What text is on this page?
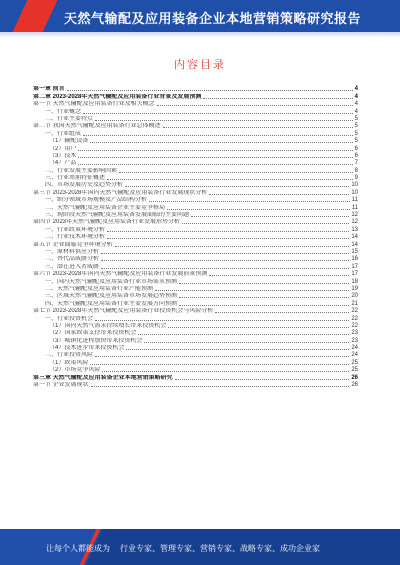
天然气输配及应用装备企业本地营销策略研究报告
内容目录
第一章 前言	4
第二章 2023-2028年天然气输配及应用装备行业背景及发展预测	4
第一节 天然气输配及应用装备行业及相关概念	4
一、行业概念	4
二、行业主要特点	5
第二节 我国天然气输配及应用装备行业总体概述	5
一、行业组成	5
（1）输配设备	5
（2）用户	6
（3）技术	6
（4）产品	7
二、行业发展主要影响因素	8
三、行业周期特征概述	9
四、市场发展历史及趋势分析	10
第三节 2023-2028年国内天然气输配及应用装备行业发展现状分析	10
一、细分领域市场规模及产品结构分析	11
二、天然气输配及应用装备企业主要竞争格局	11
三、现阶段天然气输配及应用装备发展面临的主要问题	12
第四节 2023年天然气输配及应用装备行业发展形势分析	12
一、行业政策环境分析	13
二、行业技术环境分析	14
第五节 企业面临竞争环境分析	14
一、原材料供应分析	15
二、替代品威胁分析	16
三、潜在进入者威胁	17
第六节 2023-2028年国内天然气输配及应用装备行业发展前景预测	17
一、国内天然气输配及应用装备行业市场需求预测	18
二、天然气输配及应用装备行业产能预测	19
三、区域天然气输配及应用装备市场发展趋势预测	20
四、天然气输配及应用装备行业主要发展方向预测	21
第七节 2023-2028年天然气输配及应用装备行业投资机会与风险分析	22
一、行业投资机会	22
（1）国内天然气需求持续增长带来投资机会	22
（2）国家政策支持带来投资机会	23
（3）城镇化进程加快带来投资机会	23
（4）技术进步带来投资机会	24
二、行业投资风险	24
（1）政策风险	25
（2）市场竞争风险	25
第三章 天然气输配及应用装备企业本地营销策略研究	26
第一节 企业发展现状	26
让每个人都能成为 行业专家、管理专家、营销专家、战略专家、成功企业家
